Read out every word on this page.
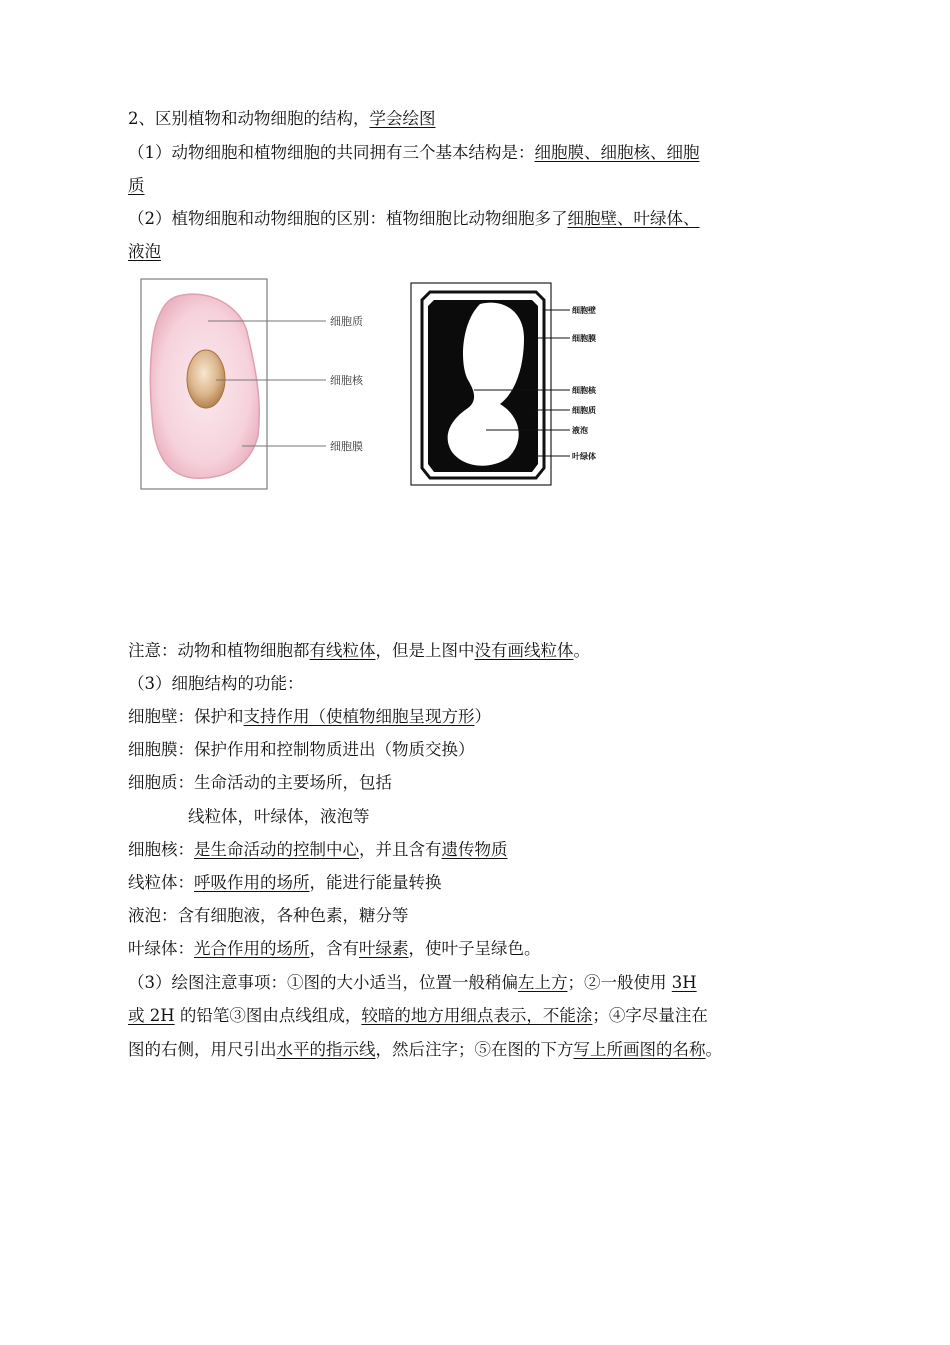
2、区别植物和动物细胞的结构，学会绘图
（1）动物细胞和植物细胞的共同拥有三个基本结构是：细胞膜、细胞核、细胞
质
（2）植物细胞和动物细胞的区别：植物细胞比动物细胞多了细胞壁、叶绿体、
液泡
细胞质
细胞核
细胞膜
细胞壁
细胞膜
细胞核
细胞质
液泡
叶绿体
注意：动物和植物细胞都有线粒体，但是上图中没有画线粒体。
（3）细胞结构的功能：
细胞壁：保护和支持作用（使植物细胞呈现方形）
细胞膜：保护作用和控制物质进出（物质交换）
细胞质：生命活动的主要场所，包括
线粒体，叶绿体，液泡等
细胞核：是生命活动的控制中心，并且含有遗传物质
线粒体：呼吸作用的场所，能进行能量转换
液泡：含有细胞液，各种色素，糖分等
叶绿体：光合作用的场所，含有叶绿素，使叶子呈绿色。
（3）绘图注意事项：①图的大小适当，位置一般稍偏左上方；②一般使用 3H
或 2H 的铅笔③图由点线组成，较暗的地方用细点表示，不能涂；④字尽量注在
图的右侧，用尺引出水平的指示线，然后注字；⑤在图的下方写上所画图的名称。
